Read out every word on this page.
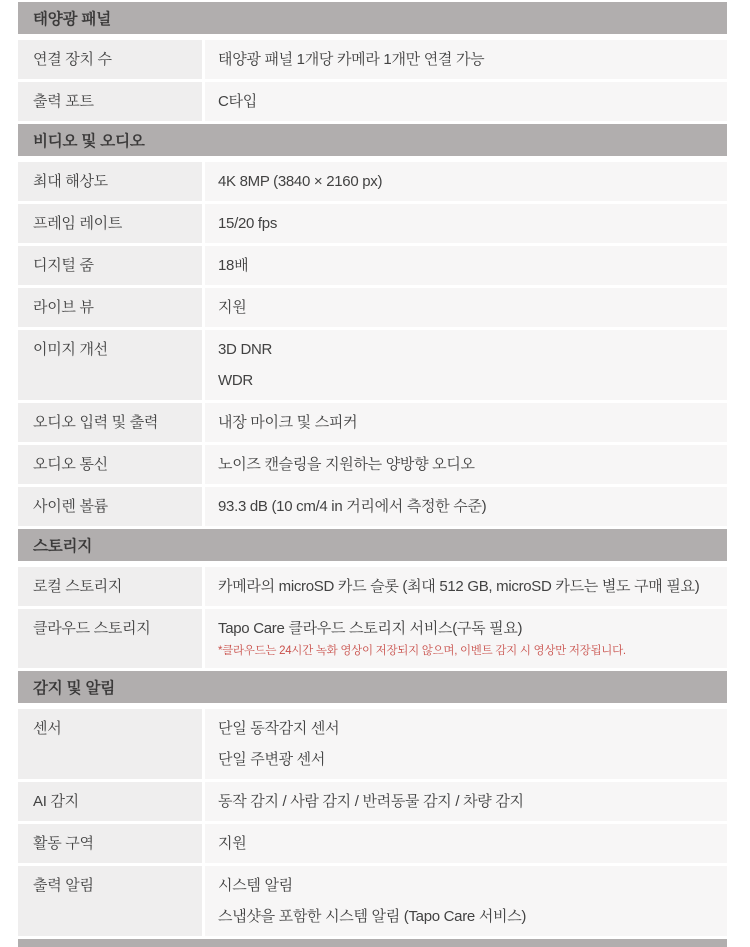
태양광 패널
연결 장치 수	태양광 패널 1개당 카메라 1개만 연결 가능
출력 포트	C타입
비디오 및 오디오
최대 해상도	4K 8MP (3840 × 2160 px)
프레임 레이트	15/20 fps
디지털 줌	18배
라이브 뷰	지원
이미지 개선	3D DNR
WDR
오디오 입력 및 출력	내장 마이크 및 스피커
오디오 통신	노이즈 캔슬링을 지원하는 양방향 오디오
사이렌 볼륨	93.3 dB (10 cm/4 in 거리에서 측정한 수준)
스토리지
로컬 스토리지	카메라의 microSD 카드 슬롯 (최대 512 GB, microSD 카드는 별도 구매 필요)
클라우드 스토리지	Tapo Care 클라우드 스토리지 서비스(구독 필요)
*클라우드는 24시간 녹화 영상이 저장되지 않으며, 이벤트 감지 시 영상만 저장됩니다.
감지 및 알림
센서	단일 동작감지 센서
단일 주변광 센서
AI 감지	동작 감지 / 사람 감지 / 반려동물 감지 / 차량 감지
활동 구역	지원
출력 알림	시스템 알림
스냅샷을 포함한 시스템 알림 (Tapo Care 서비스)
